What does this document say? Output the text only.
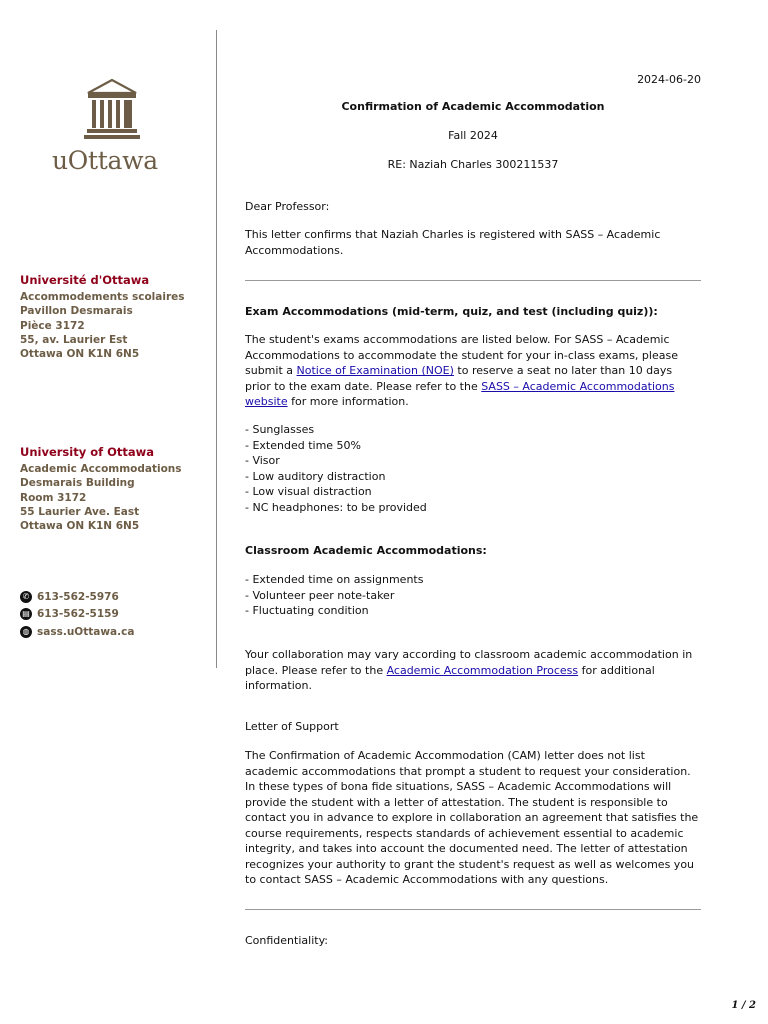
uOttawa
Université d'Ottawa
Accommodements scolaires
Pavillon Desmarais
Pièce 3172
55, av. Laurier Est
Ottawa ON K1N 6N5
University of Ottawa
Academic Accommodations
Desmarais Building
Room 3172
55 Laurier Ave. East
Ottawa ON K1N 6N5
✆ 613-562-5976
▤ 613-562-5159
◍ sass.uOttawa.ca

2024-06-20

Confirmation of Academic Accommodation

Fall 2024

RE: Naziah Charles 300211537

Dear Professor:

This letter confirms that Naziah Charles is registered with SASS – Academic Accommodations.

Exam Accommodations (mid-term, quiz, and test (including quiz)):

The student's exams accommodations are listed below. For SASS – Academic Accommodations to accommodate the student for your in-class exams, please submit a Notice of Examination (NOE) to reserve a seat no later than 10 days prior to the exam date. Please refer to the SASS – Academic Accommodations website for more information.

- Sunglasses
- Extended time 50%
- Visor
- Low auditory distraction
- Low visual distraction
- NC headphones: to be provided

Classroom Academic Accommodations:

- Extended time on assignments
- Volunteer peer note-taker
- Fluctuating condition

Your collaboration may vary according to classroom academic accommodation in place. Please refer to the Academic Accommodation Process for additional information.

Letter of Support

The Confirmation of Academic Accommodation (CAM) letter does not list academic accommodations that prompt a student to request your consideration. In these types of bona fide situations, SASS – Academic Accommodations will provide the student with a letter of attestation. The student is responsible to contact you in advance to explore in collaboration an agreement that satisfies the course requirements, respects standards of achievement essential to academic integrity, and takes into account the documented need. The letter of attestation recognizes your authority to grant the student's request as well as welcomes you to contact SASS – Academic Accommodations with any questions.

Confidentiality:

1 / 2
